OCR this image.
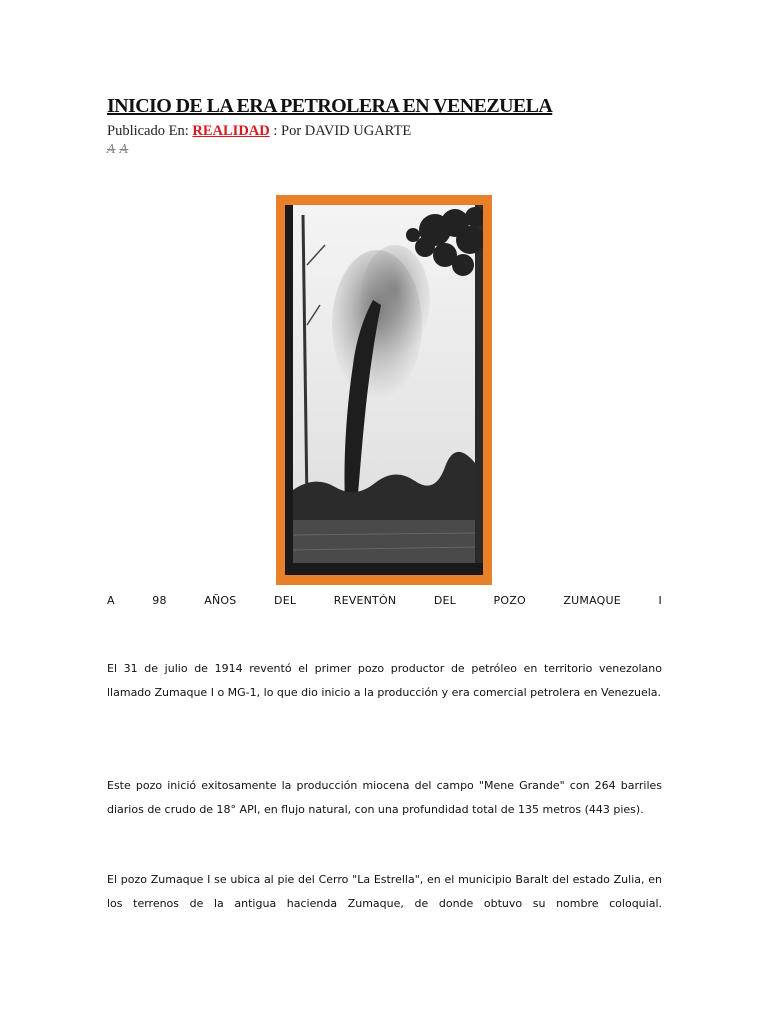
INICIO DE LA ERA PETROLERA EN VENEZUELA
Publicado En: REALIDAD : Por DAVID UGARTE
A A
A	98	AÑOS	DEL	REVENTÓN	DEL	POZO	ZUMAQUE	I

El 31 de julio de 1914 reventó el primer pozo productor de petróleo en territorio venezolano llamado Zumaque I o MG-1, lo que dio inicio a la producción y era comercial petrolera en Venezuela.

Este pozo inició exitosamente la producción miocena del campo "Mene Grande" con 264 barriles diarios de crudo de 18° API, en flujo natural, con una profundidad total de 135 metros (443 pies).

El pozo Zumaque I se ubica al pie del Cerro "La Estrella", en el municipio Baralt del estado Zulia, en los terrenos de la antigua hacienda Zumaque, de donde obtuvo su nombre coloquial.
